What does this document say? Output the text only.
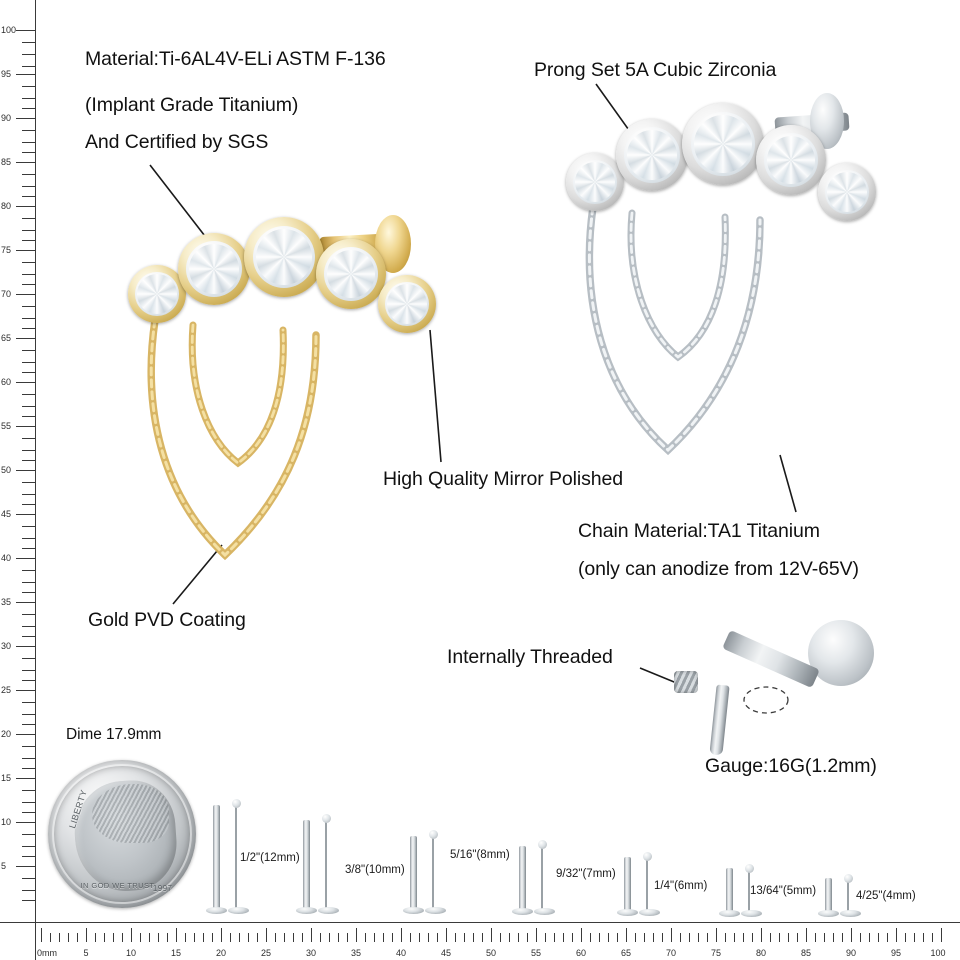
100
95
90
85
80
75
70
65
60
55
50
45
40
35
30
25
20
15
10
5
0mm	5	10	15	20	25	30	35	40	45	50	55	60	65	70	75	80	85	90	95	100
Material:Ti-6AL4V-ELi ASTM F-136
(Implant Grade Titanium)
And Certified by SGS
Prong Set 5A Cubic Zirconia
High Quality Mirror Polished
Chain Material:TA1 Titanium
(only can anodize from 12V-65V)
Gold PVD Coating
Internally Threaded
Gauge:16G(1.2mm)
Dime 17.9mm
LIBERTY
IN GOD WE TRUST
1997
1/2"(12mm)
3/8"(10mm)
5/16"(8mm)
9/32"(7mm)
1/4"(6mm)	13/64"(5mm)	4/25"(4mm)
